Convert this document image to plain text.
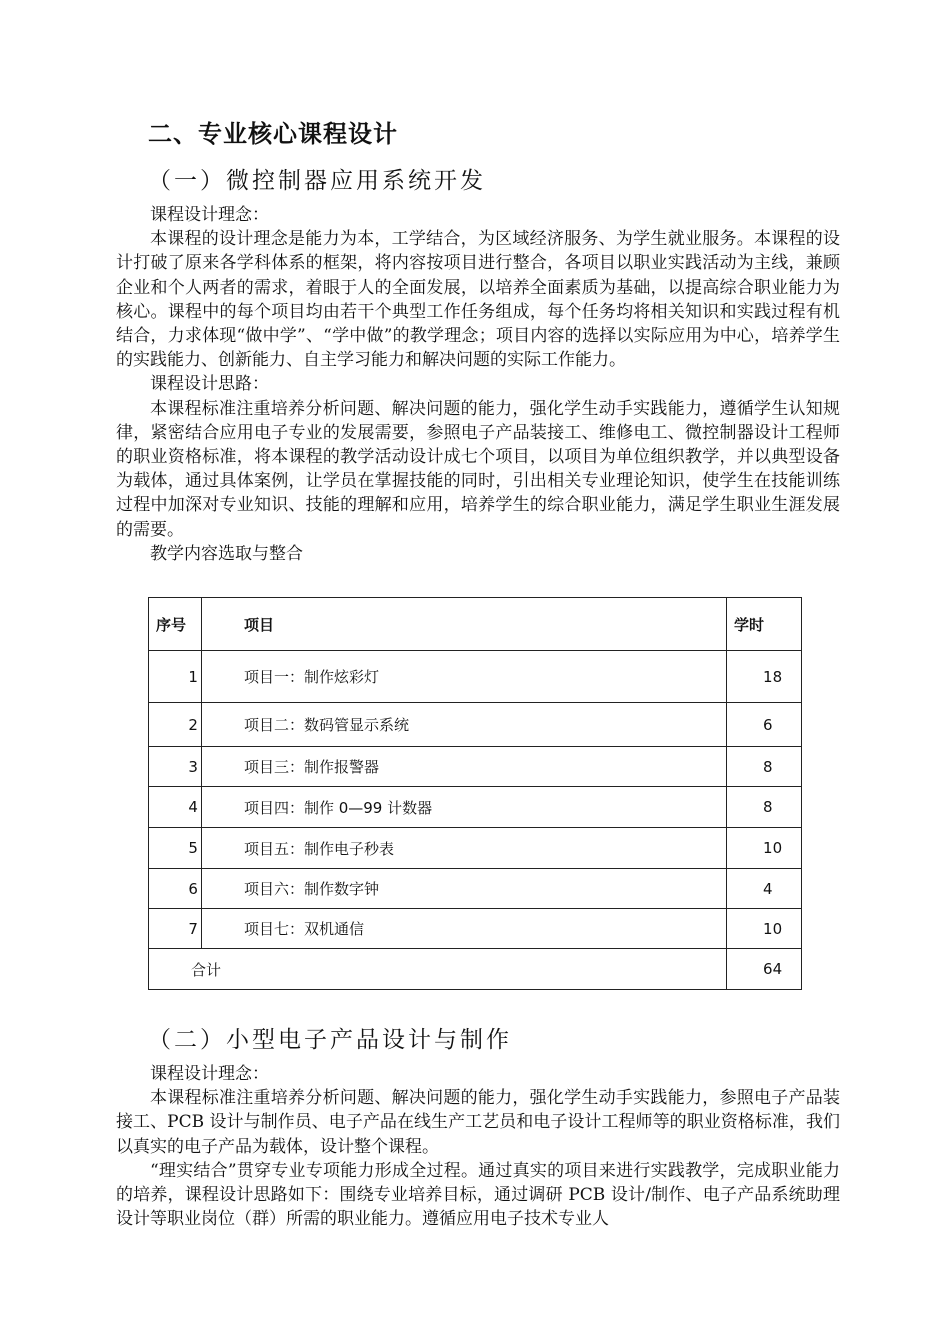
二、专业核心课程设计
（一）微控制器应用系统开发
课程设计理念：
本课程的设计理念是能力为本，工学结合，为区域经济服务、为学生就业服务。本课程的设计打破了原来各学科体系的框架，将内容按项目进行整合，各项目以职业实践活动为主线，兼顾企业和个人两者的需求，着眼于人的全面发展，以培养全面素质为基础，以提高综合职业能力为核心。课程中的每个项目均由若干个典型工作任务组成，每个任务均将相关知识和实践过程有机结合，力求体现“做中学”、“学中做”的教学理念；项目内容的选择以实际应用为中心，培养学生的实践能力、创新能力、自主学习能力和解决问题的实际工作能力。
课程设计思路：
本课程标准注重培养分析问题、解决问题的能力，强化学生动手实践能力，遵循学生认知规律，紧密结合应用电子专业的发展需要，参照电子产品装接工、维修电工、微控制器设计工程师的职业资格标准，将本课程的教学活动设计成七个项目，以项目为单位组织教学，并以典型设备为载体，通过具体案例，让学员在掌握技能的同时，引出相关专业理论知识，使学生在技能训练过程中加深对专业知识、技能的理解和应用，培养学生的综合职业能力，满足学生职业生涯发展的需要。
教学内容选取与整合
序号	项目	学时
1	项目一：制作炫彩灯	18
2	项目二：数码管显示系统	6
3	项目三：制作报警器	8
4	项目四：制作 0—99 计数器	8
5	项目五：制作电子秒表	10
6	项目六：制作数字钟	4
7	项目七：双机通信	10
合计		64
（二）小型电子产品设计与制作
课程设计理念：
本课程标准注重培养分析问题、解决问题的能力，强化学生动手实践能力，参照电子产品装接工、PCB 设计与制作员、电子产品在线生产工艺员和电子设计工程师等的职业资格标准，我们以真实的电子产品为载体，设计整个课程。
“理实结合”贯穿专业专项能力形成全过程。通过真实的项目来进行实践教学，完成职业能力的培养，课程设计思路如下：围绕专业培养目标，通过调研 PCB 设计/制作、电子产品系统助理设计等职业岗位（群）所需的职业能力。遵循应用电子技术专业人
